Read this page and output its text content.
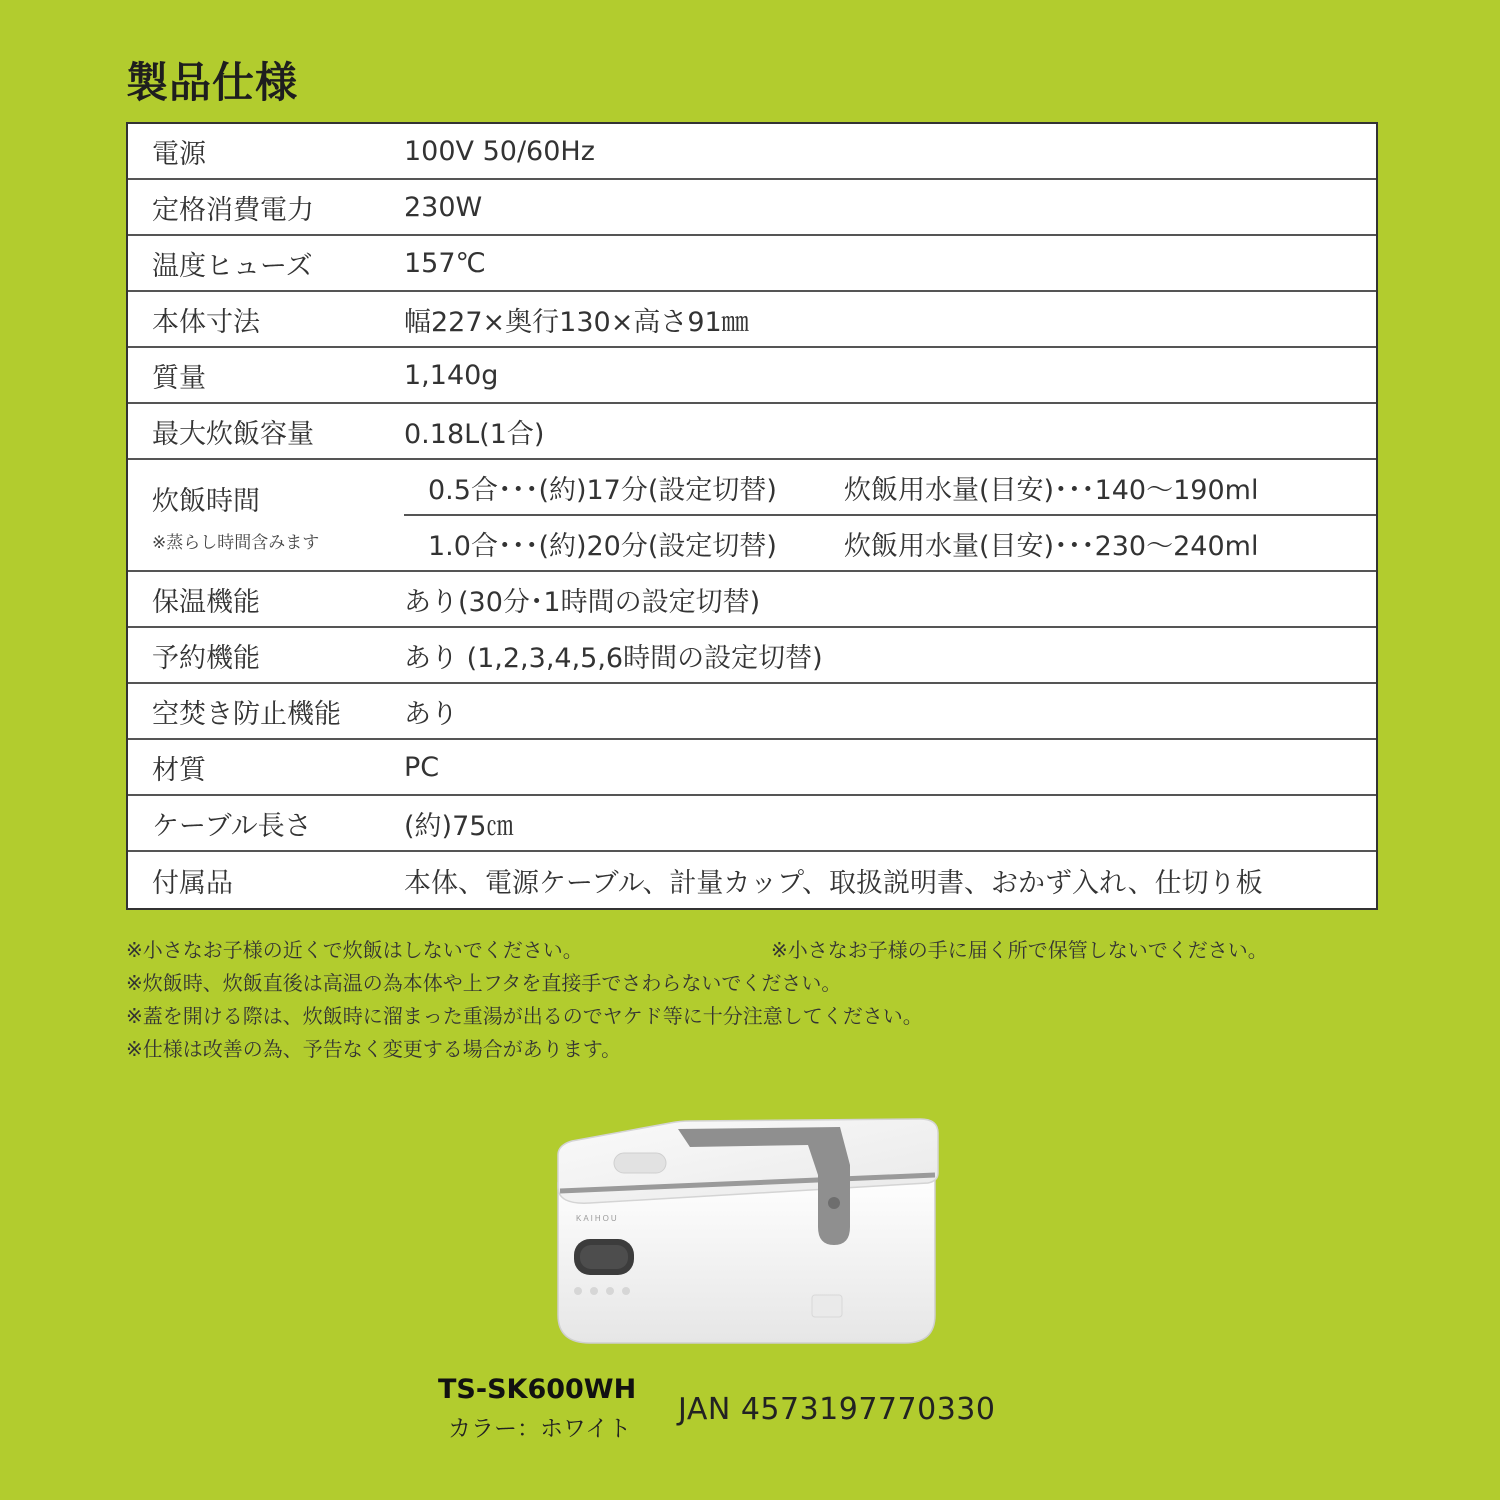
製品仕様
電源	100V 50/60Hz
定格消費電力	230W
温度ヒューズ	157℃
本体寸法	幅227×奥行130×高さ91㎜
質量	1,140g
最大炊飯容量	0.18L(1合)
炊飯時間
※蒸らし時間含みます
0.5合･･･(約)17分(設定切替)	炊飯用水量(目安)･･･140〜190ml
1.0合･･･(約)20分(設定切替)	炊飯用水量(目安)･･･230〜240ml
保温機能	あり(30分･1時間の設定切替)
予約機能	あり (1,2,3,4,5,6時間の設定切替)
空焚き防止機能	あり
材質	PC
ケーブル長さ	(約)75㎝
付属品	本体、電源ケーブル、計量カップ、取扱説明書、おかず入れ、仕切り板
※小さなお子様の近くで炊飯はしないでください。	※小さなお子様の手に届く所で保管しないでください。
※炊飯時、炊飯直後は高温の為本体や上フタを直接手でさわらないでください。
※蓋を開ける際は、炊飯時に溜まった重湯が出るのでヤケド等に十分注意してください。
※仕様は改善の為、予告なく変更する場合があります。
KAIHOU
TS-SK600WH
カラー：ホワイト
JAN 4573197770330
